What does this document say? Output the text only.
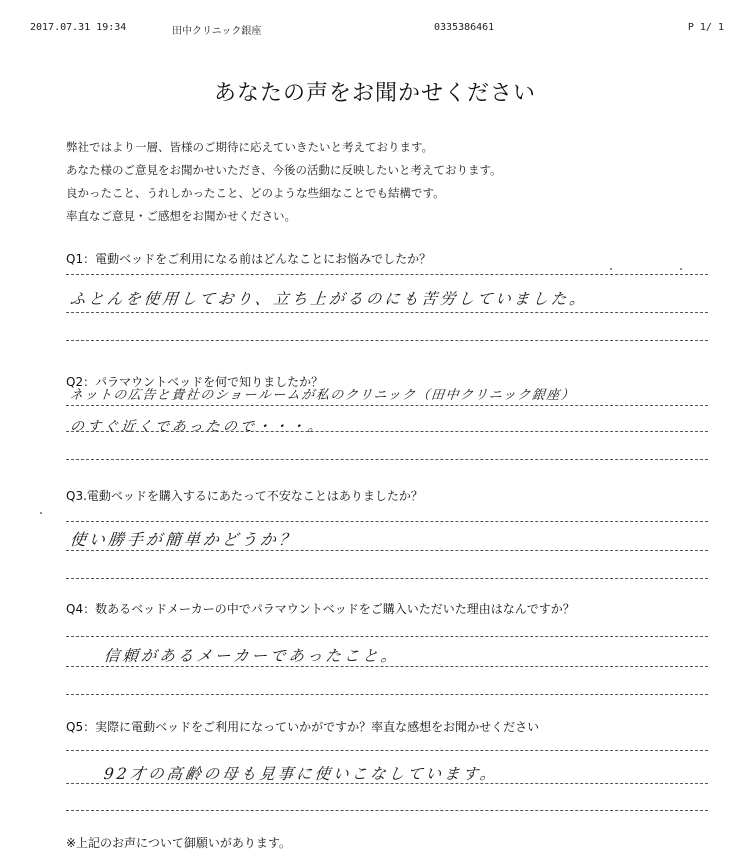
2017.07.31 19:34	田中クリニック銀座	0335386461	P 1/ 1
あなたの声をお聞かせください
弊社ではより一層、皆様のご期待に応えていきたいと考えております。
あなた様のご意見をお聞かせいただき、今後の活動に反映したいと考えております。
良かったこと、うれしかったこと、どのような些細なことでも結構です。
率直なご意見・ご感想をお聞かせください。
Q1：電動ベッドをご利用になる前はどんなことにお悩みでしたか？
ふとんを使用しており、立ち上がるのにも苦労していました。
Q2：パラマウントベッドを何で知りましたか？
ネットの広告と貴社のショールームが私のクリニック（田中クリニック銀座）
のすぐ近くであったので・・・。
Q3.電動ベッドを購入するにあたって不安なことはありましたか？
使い勝手が簡単かどうか？
Q4：数あるベッドメーカーの中でパラマウントベッドをご購入いただいた理由はなんですか？
信頼があるメーカーであったこと。
Q5：実際に電動ベッドをご利用になっていかがですか？率直な感想をお聞かせください
92才の高齢の母も見事に使いこなしています。
※上記のお声について御願いがあります。
